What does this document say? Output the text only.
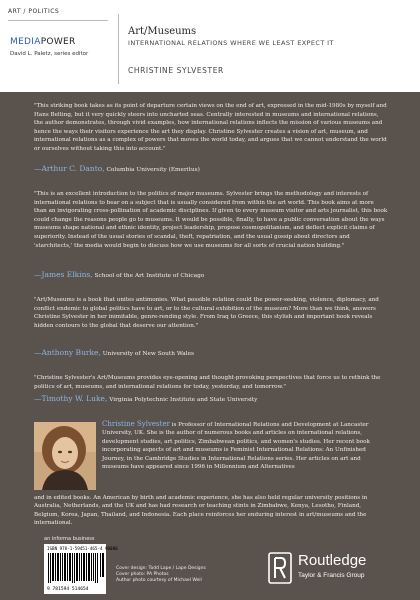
ART / POLITICS
MEDIAPOWER
David L. Paletz, series editor
Art/Museums
INTERNATIONAL RELATIONS WHERE WE LEAST EXPECT IT
CHRISTINE SYLVESTER

"This striking book takes as its point of departure certain views on the end of art, expressed in the mid-1980s by myself and Hans Belting, but it very quickly steers into uncharted seas. Centrally interested in museums and international relations, the author demonstrates, through vivid examples, how international relations inflects the mission of various museums and hence the ways their visitors experience the art they display. Christine Sylvester creates a vision of art, museum, and international relations as a complex of powers that moves the world today, and argues that we cannot understand the world or ourselves without taking this into account."

—Arthur C. Danto, Columbia University (Emeritus)

"This is an excellent introduction to the politics of major museums. Sylvester brings the methodology and interests of international relations to bear on a subject that is usually considered from within the art world. This book aims at more than an invigorating cross-pollination of academic disciplines. If given to every museum visitor and arts journalist, this book could change the reasons people go to museums. It would be possible, finally, to have a public conversation about the ways museums shape national and ethnic identity, project leadership, propose cosmopolitanism, and deflect explicit claims of superiority. Instead of the usual stories of scandal, theft, repatriation, and the usual gossip about directors and 'starchitects,' the media would begin to discuss how we use museums for all sorts of crucial nation building."

—James Elkins, School of the Art Institute of Chicago

"Art/Museums is a book that unites antimonies. What possible relation could the power-seeking, violence, diplomacy, and conflict endemic to global politics have to art, or to the cultural exhibition of the museum? More than we think, answers Christine Sylvester in her inimitable, genre-rending style. From Iraq to Greece, this stylish and important book reveals hidden contours to the global that deserve our attention."

—Anthony Burke, University of New South Wales

"Christine Sylvester's Art/Museums provides eye-opening and thought-provoking perspectives that force us to rethink the politics of art, museums, and international relations for today, yesterday, and tomorrow."

—Timothy W. Luke, Virginia Polytechnic Institute and State University

Christine Sylvester is Professor of International Relations and Development at Lancaster University, UK. She is the author of numerous books and articles on international relations, development studies, art politics, Zimbabwean politics, and women's studies. Her recent book incorporating aspects of art and museums is Feminist International Relations: An Unfinished Journey, in the Cambridge Studies in International Relations series. Her articles on art and museums have appeared since 1996 in Millennium and Alternatives

and in edited books. An American by birth and academic experience, she has also held regular university positions in Australia, Netherlands, and the UK and has had research or teaching stints in Zimbabwe, Kenya, Lesotho, Finland, Belgium, Korea, Japan, Thailand, and Indonesia. Each place reinforces her enduring interest in art/museums and the international.

an informa business
ISBN 978-1-59451-465-4 90000
9 781594 514654
Cover design: Todd Lape / Lape Designs
Cover photo: PA Photos
Author photo courtesy of Michael Weil
Routledge
Taylor & Francis Group
